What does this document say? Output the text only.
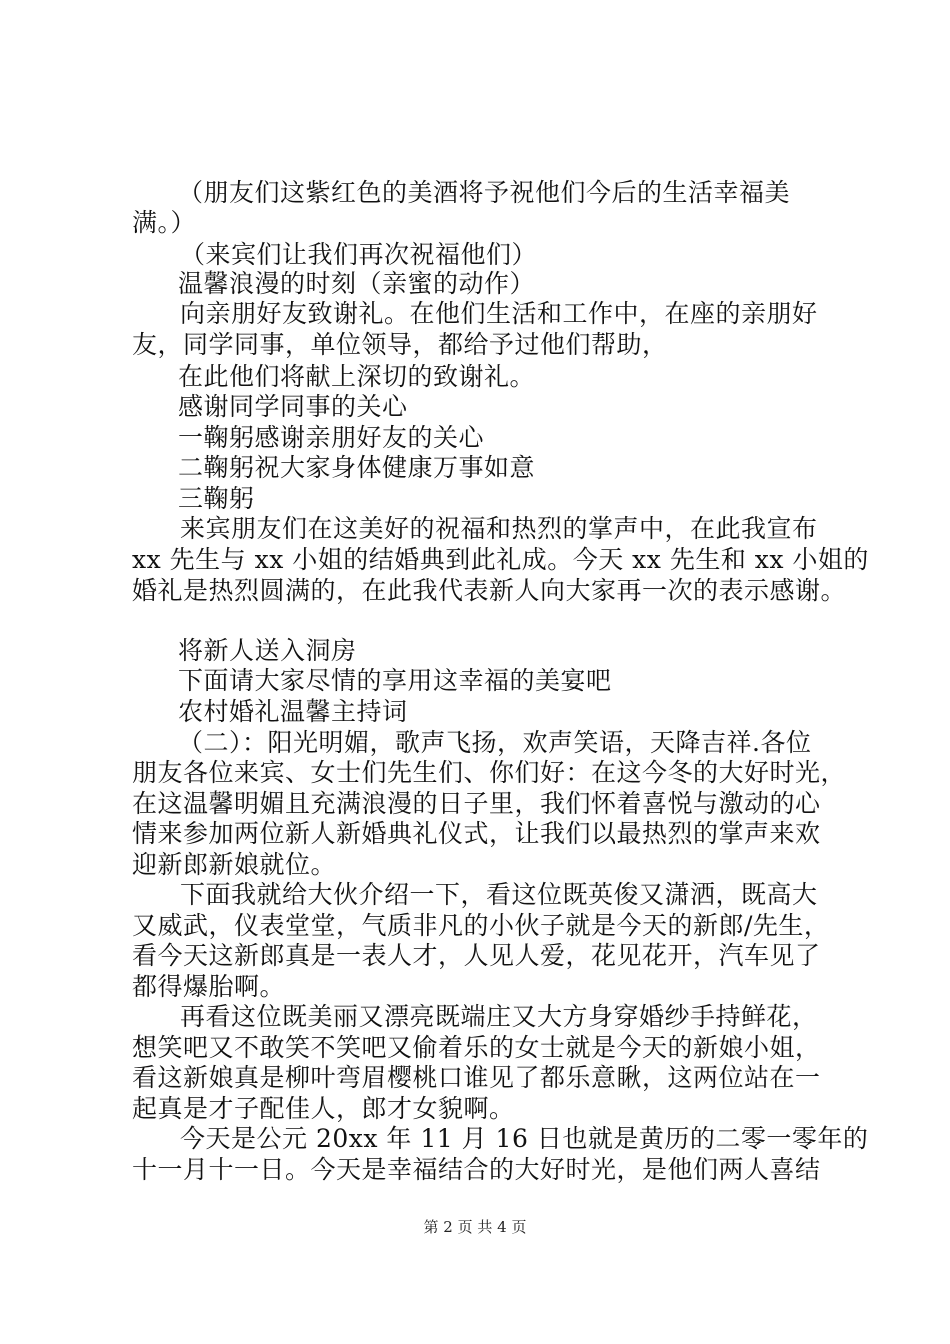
（朋友们这紫红色的美酒将予祝他们今后的生活幸福美
满。）
（来宾们让我们再次祝福他们）
温馨浪漫的时刻（亲蜜的动作）
向亲朋好友致谢礼。在他们生活和工作中，在座的亲朋好
友，同学同事，单位领导，都给予过他们帮助，
在此他们将献上深切的致谢礼。
感谢同学同事的关心
一鞠躬感谢亲朋好友的关心
二鞠躬祝大家身体健康万事如意
三鞠躬
来宾朋友们在这美好的祝福和热烈的掌声中，在此我宣布
xx 先生与 xx 小姐的结婚典到此礼成。今天 xx 先生和 xx 小姐的
婚礼是热烈圆满的，在此我代表新人向大家再一次的表示感谢。
将新人送入洞房
下面请大家尽情的享用这幸福的美宴吧
农村婚礼温馨主持词
（二）：阳光明媚，歌声飞扬，欢声笑语，天降吉祥.各位
朋友各位来宾、女士们先生们、你们好：在这今冬的大好时光，
在这温馨明媚且充满浪漫的日子里，我们怀着喜悦与激动的心
情来参加两位新人新婚典礼仪式，让我们以最热烈的掌声来欢
迎新郎新娘就位。
下面我就给大伙介绍一下，看这位既英俊又潇洒，既高大
又威武，仪表堂堂，气质非凡的小伙子就是今天的新郎/先生，
看今天这新郎真是一表人才，人见人爱，花见花开，汽车见了
都得爆胎啊。
再看这位既美丽又漂亮既端庄又大方身穿婚纱手持鲜花，
想笑吧又不敢笑不笑吧又偷着乐的女士就是今天的新娘小姐，
看这新娘真是柳叶弯眉樱桃口谁见了都乐意瞅，这两位站在一
起真是才子配佳人，郎才女貌啊。
今天是公元 20xx 年 11 月 16 日也就是黄历的二零一零年的
十一月十一日。今天是幸福结合的大好时光，是他们两人喜结
第 2 页 共 4 页
